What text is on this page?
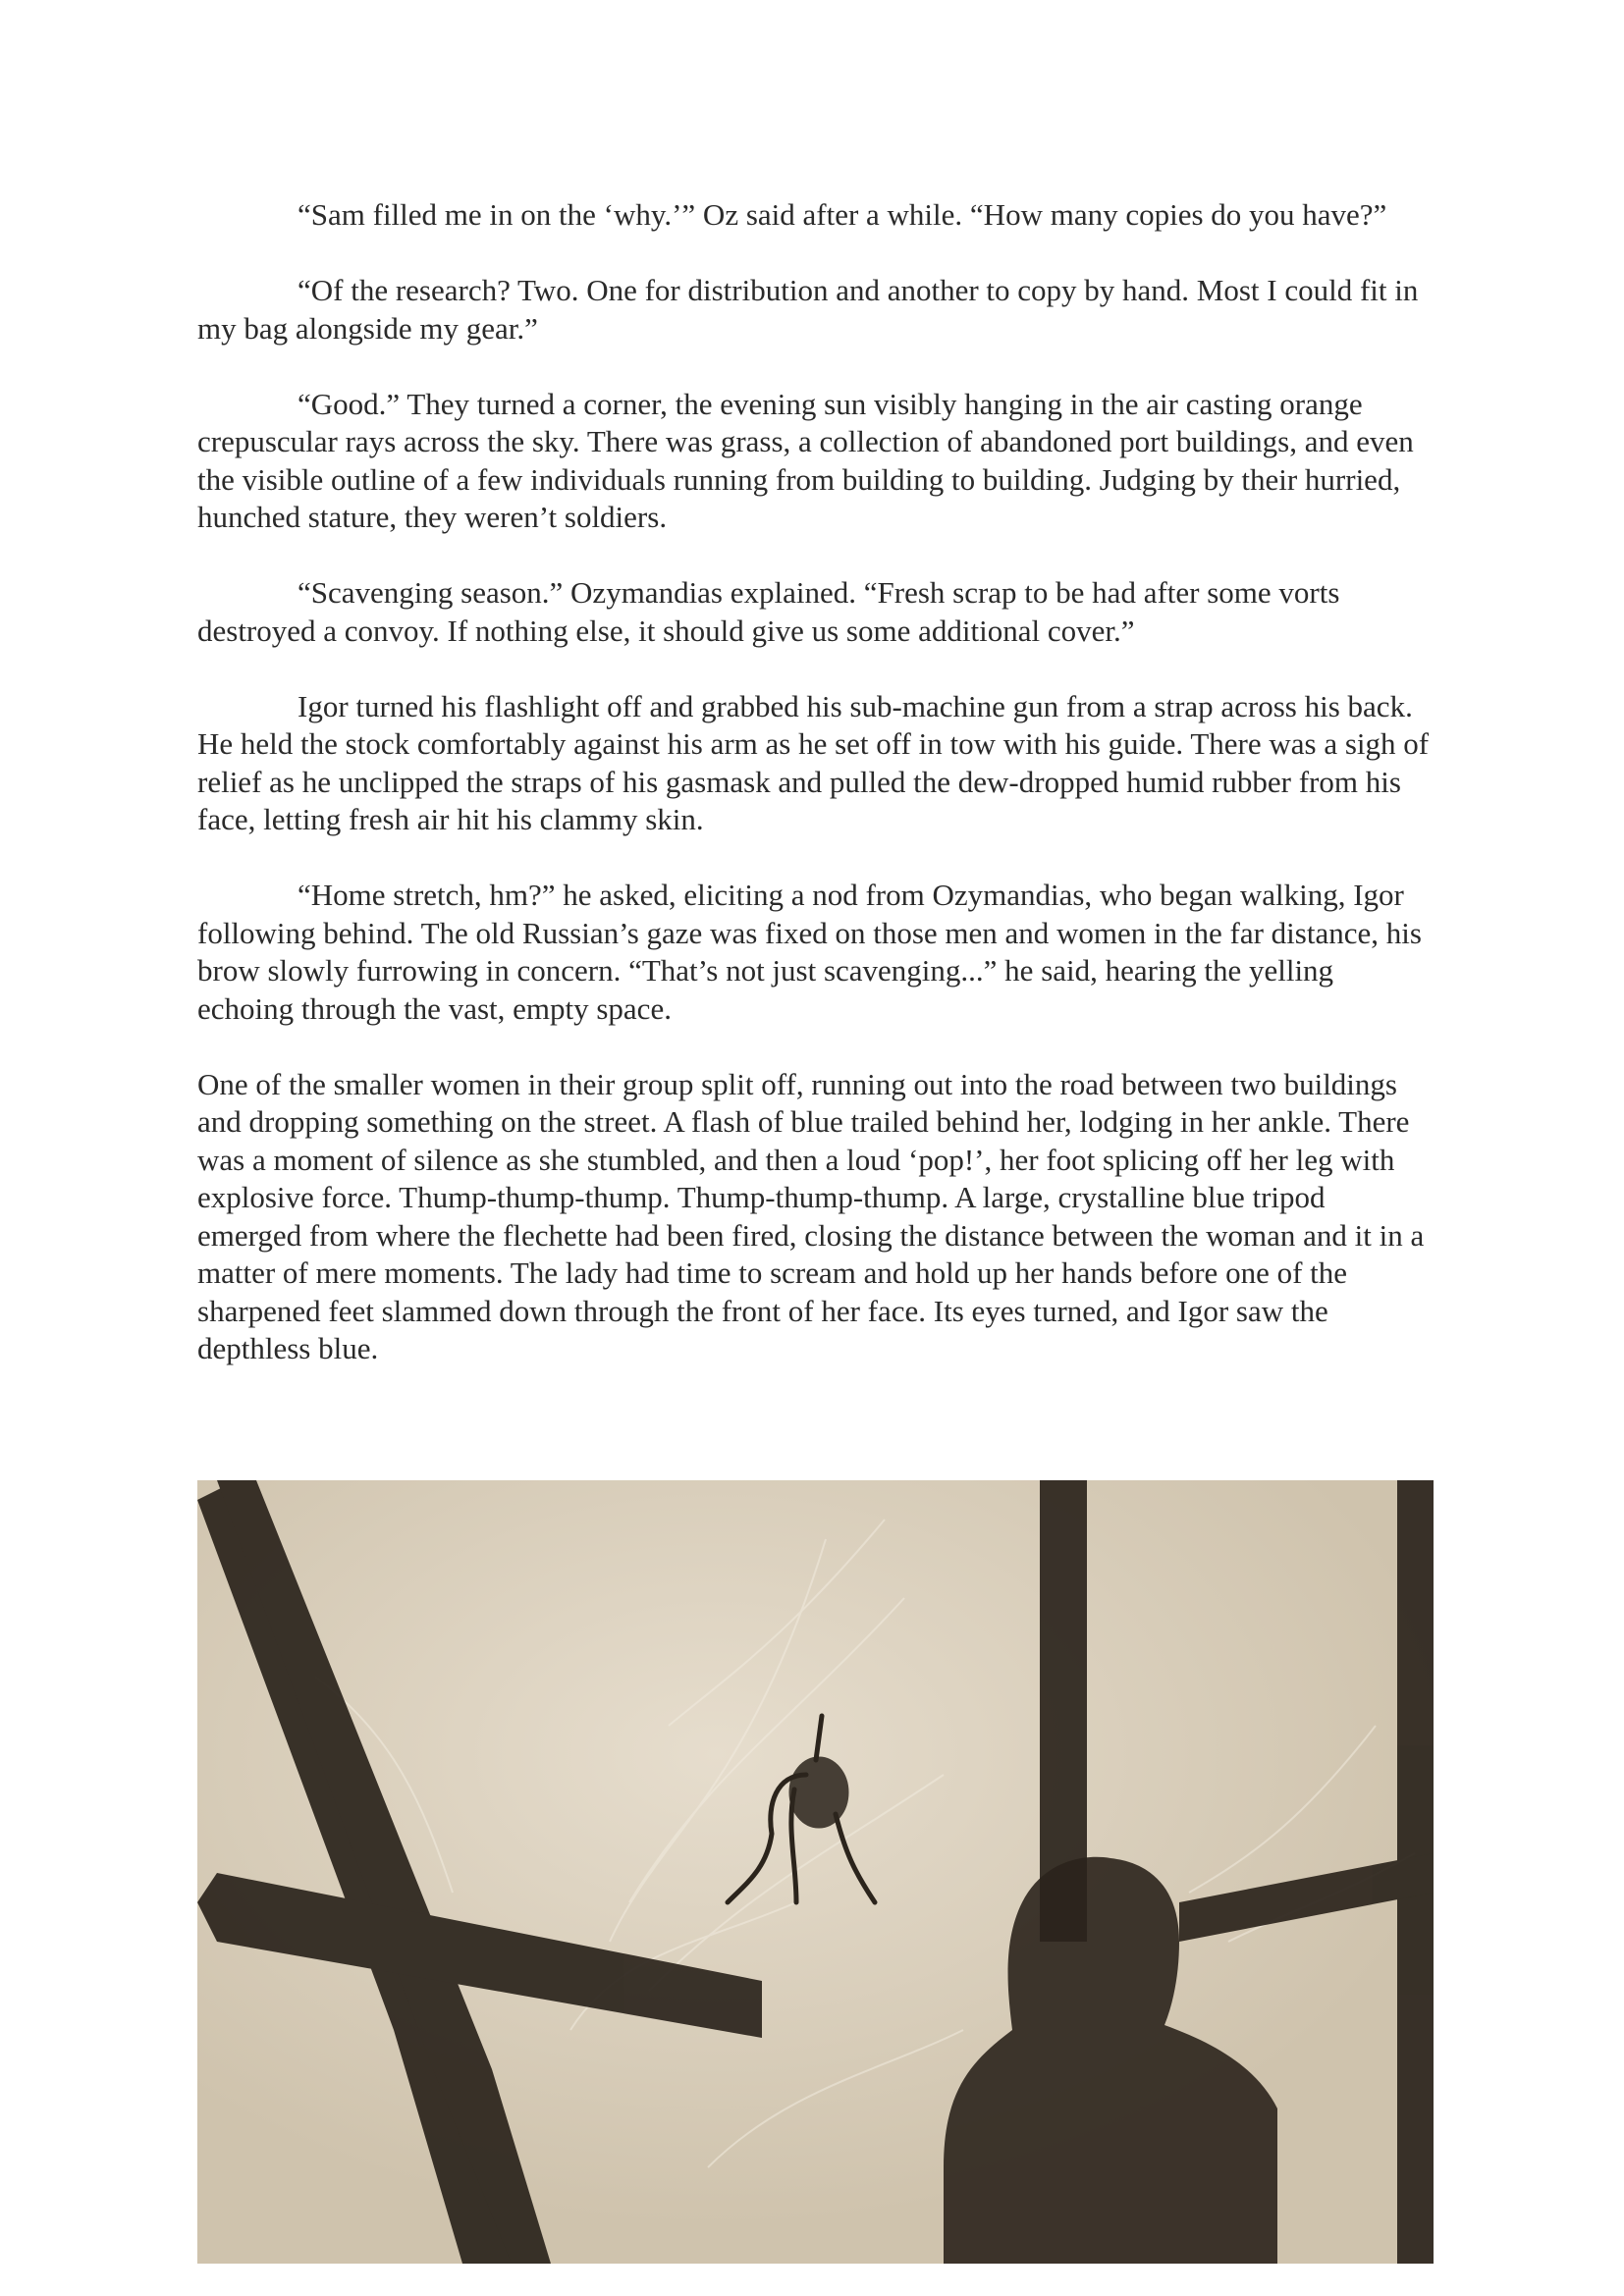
“Sam filled me in on the ‘why.’” Oz said after a while. “How many copies do you have?”

“Of the research? Two. One for distribution and another to copy by hand. Most I could fit in my bag alongside my gear.”

“Good.” They turned a corner, the evening sun visibly hanging in the air casting orange crepuscular rays across the sky. There was grass, a collection of abandoned port buildings, and even the visible outline of a few individuals running from building to building. Judging by their hurried, hunched stature, they weren’t soldiers.

“Scavenging season.” Ozymandias explained. “Fresh scrap to be had after some vorts destroyed a convoy. If nothing else, it should give us some additional cover.”

Igor turned his flashlight off and grabbed his sub-machine gun from a strap across his back. He held the stock comfortably against his arm as he set off in tow with his guide. There was a sigh of relief as he unclipped the straps of his gasmask and pulled the dew-dropped humid rubber from his face, letting fresh air hit his clammy skin.

“Home stretch, hm?” he asked, eliciting a nod from Ozymandias, who began walking, Igor following behind. The old Russian’s gaze was fixed on those men and women in the far distance, his brow slowly furrowing in concern. “That’s not just scavenging...” he said, hearing the yelling echoing through the vast, empty space.

One of the smaller women in their group split off, running out into the road between two buildings and dropping something on the street. A flash of blue trailed behind her, lodging in her ankle. There was a moment of silence as she stumbled, and then a loud ‘pop!’, her foot splicing off her leg with explosive force. Thump-thump-thump. Thump-thump-thump. A large, crystalline blue tripod emerged from where the flechette had been fired, closing the distance between the woman and it in a matter of mere moments. The lady had time to scream and hold up her hands before one of the sharpened feet slammed down through the front of her face. Its eyes turned, and Igor saw the depthless blue.
